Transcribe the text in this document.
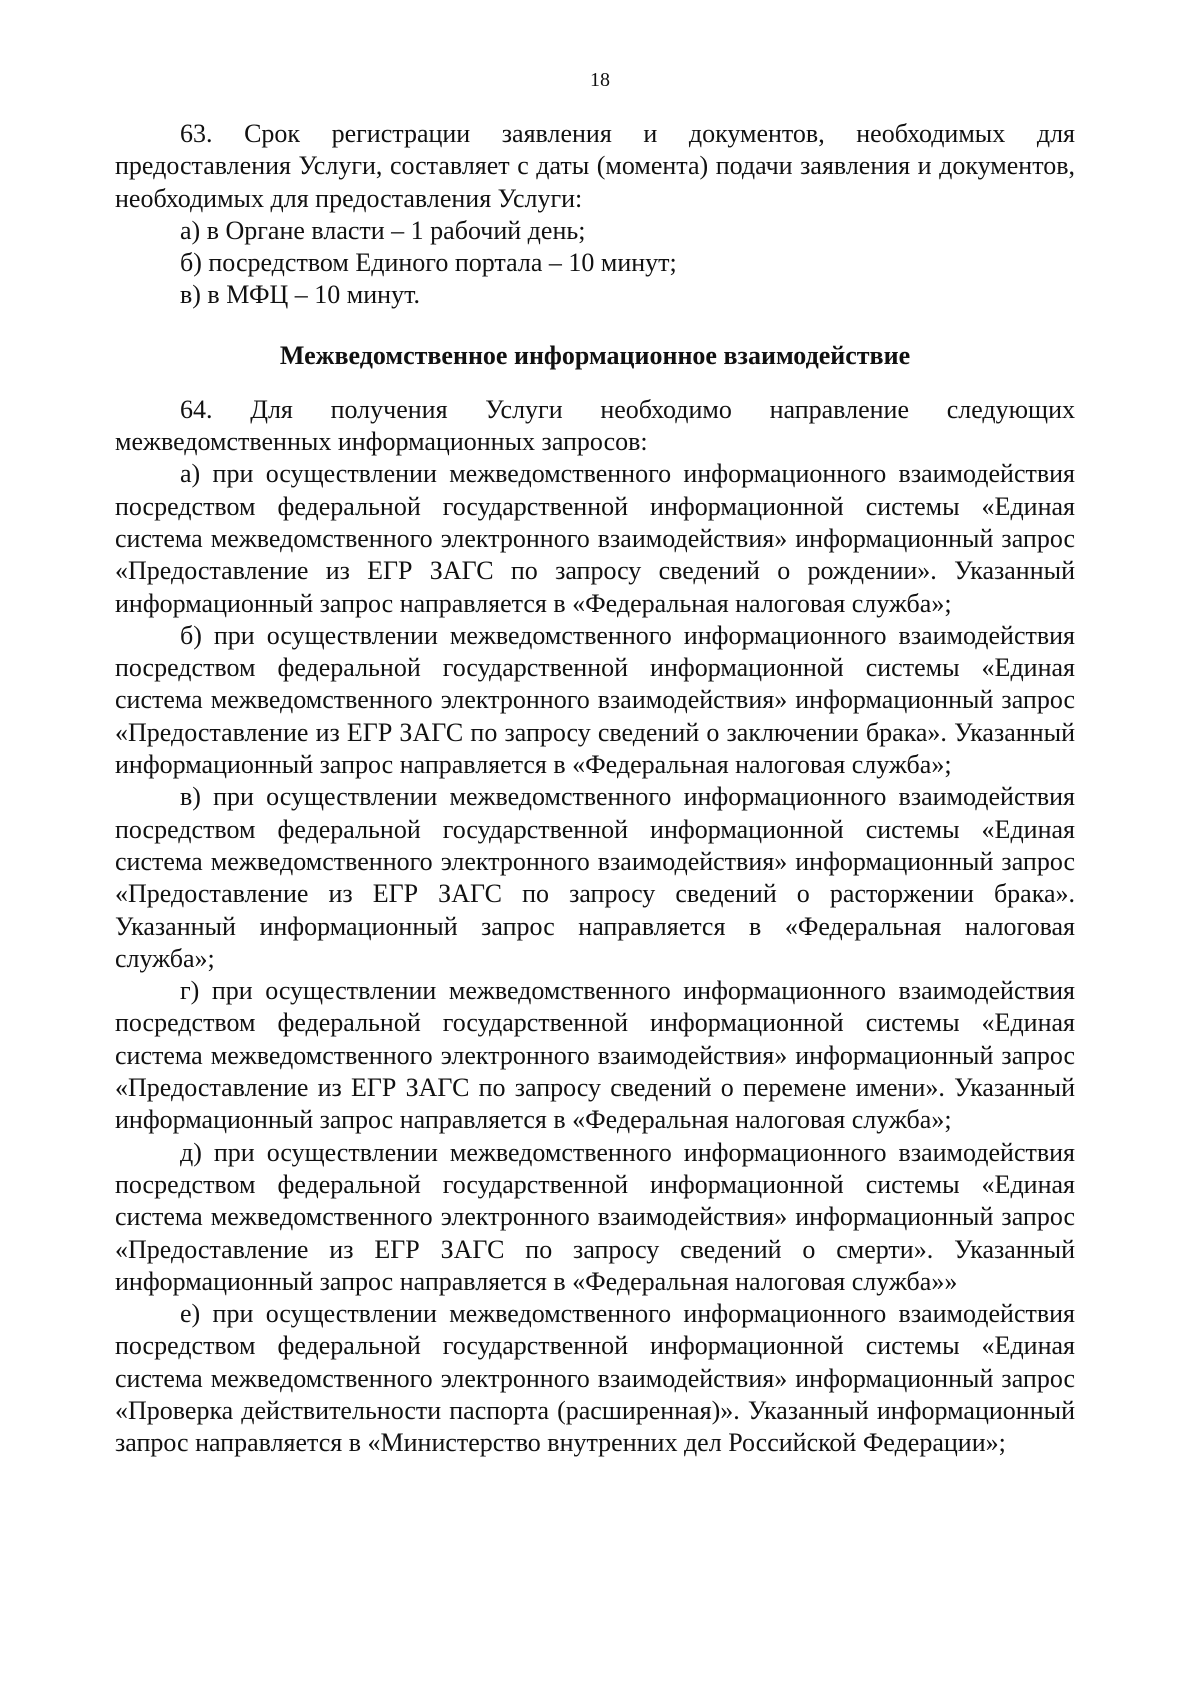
18

63. Срок регистрации заявления и документов, необходимых для предоставления Услуги, составляет с даты (момента) подачи заявления и документов, необходимых для предоставления Услуги:

а) в Органе власти – 1 рабочий день;

б) посредством Единого портала – 10 минут;

в) в МФЦ – 10 минут.

Межведомственное информационное взаимодействие

64. Для получения Услуги необходимо направление следующих межведомственных информационных запросов:

а) при осуществлении межведомственного информационного взаимодействия посредством федеральной государственной информационной системы «Единая система межведомственного электронного взаимодействия» информационный запрос «Предоставление из ЕГР ЗАГС по запросу сведений о рождении». Указанный информационный запрос направляется в «Федеральная налоговая служба»;

б) при осуществлении межведомственного информационного взаимодействия посредством федеральной государственной информационной системы «Единая система межведомственного электронного взаимодействия» информационный запрос «Предоставление из ЕГР ЗАГС по запросу сведений о заключении брака». Указанный информационный запрос направляется в «Федеральная налоговая служба»;

в) при осуществлении межведомственного информационного взаимодействия посредством федеральной государственной информационной системы «Единая система межведомственного электронного взаимодействия» информационный запрос «Предоставление из ЕГР ЗАГС по запросу сведений о расторжении брака». Указанный информационный запрос направляется в «Федеральная налоговая служба»;

г) при осуществлении межведомственного информационного взаимодействия посредством федеральной государственной информационной системы «Единая система межведомственного электронного взаимодействия» информационный запрос «Предоставление из ЕГР ЗАГС по запросу сведений о перемене имени». Указанный информационный запрос направляется в «Федеральная налоговая служба»;

д) при осуществлении межведомственного информационного взаимодействия посредством федеральной государственной информационной системы «Единая система межведомственного электронного взаимодействия» информационный запрос «Предоставление из ЕГР ЗАГС по запросу сведений о смерти». Указанный информационный запрос направляется в «Федеральная налоговая служба»»

е) при осуществлении межведомственного информационного взаимодействия посредством федеральной государственной информационной системы «Единая система межведомственного электронного взаимодействия» информационный запрос «Проверка действительности паспорта (расширенная)». Указанный информационный запрос направляется в «Министерство внутренних дел Российской Федерации»;
